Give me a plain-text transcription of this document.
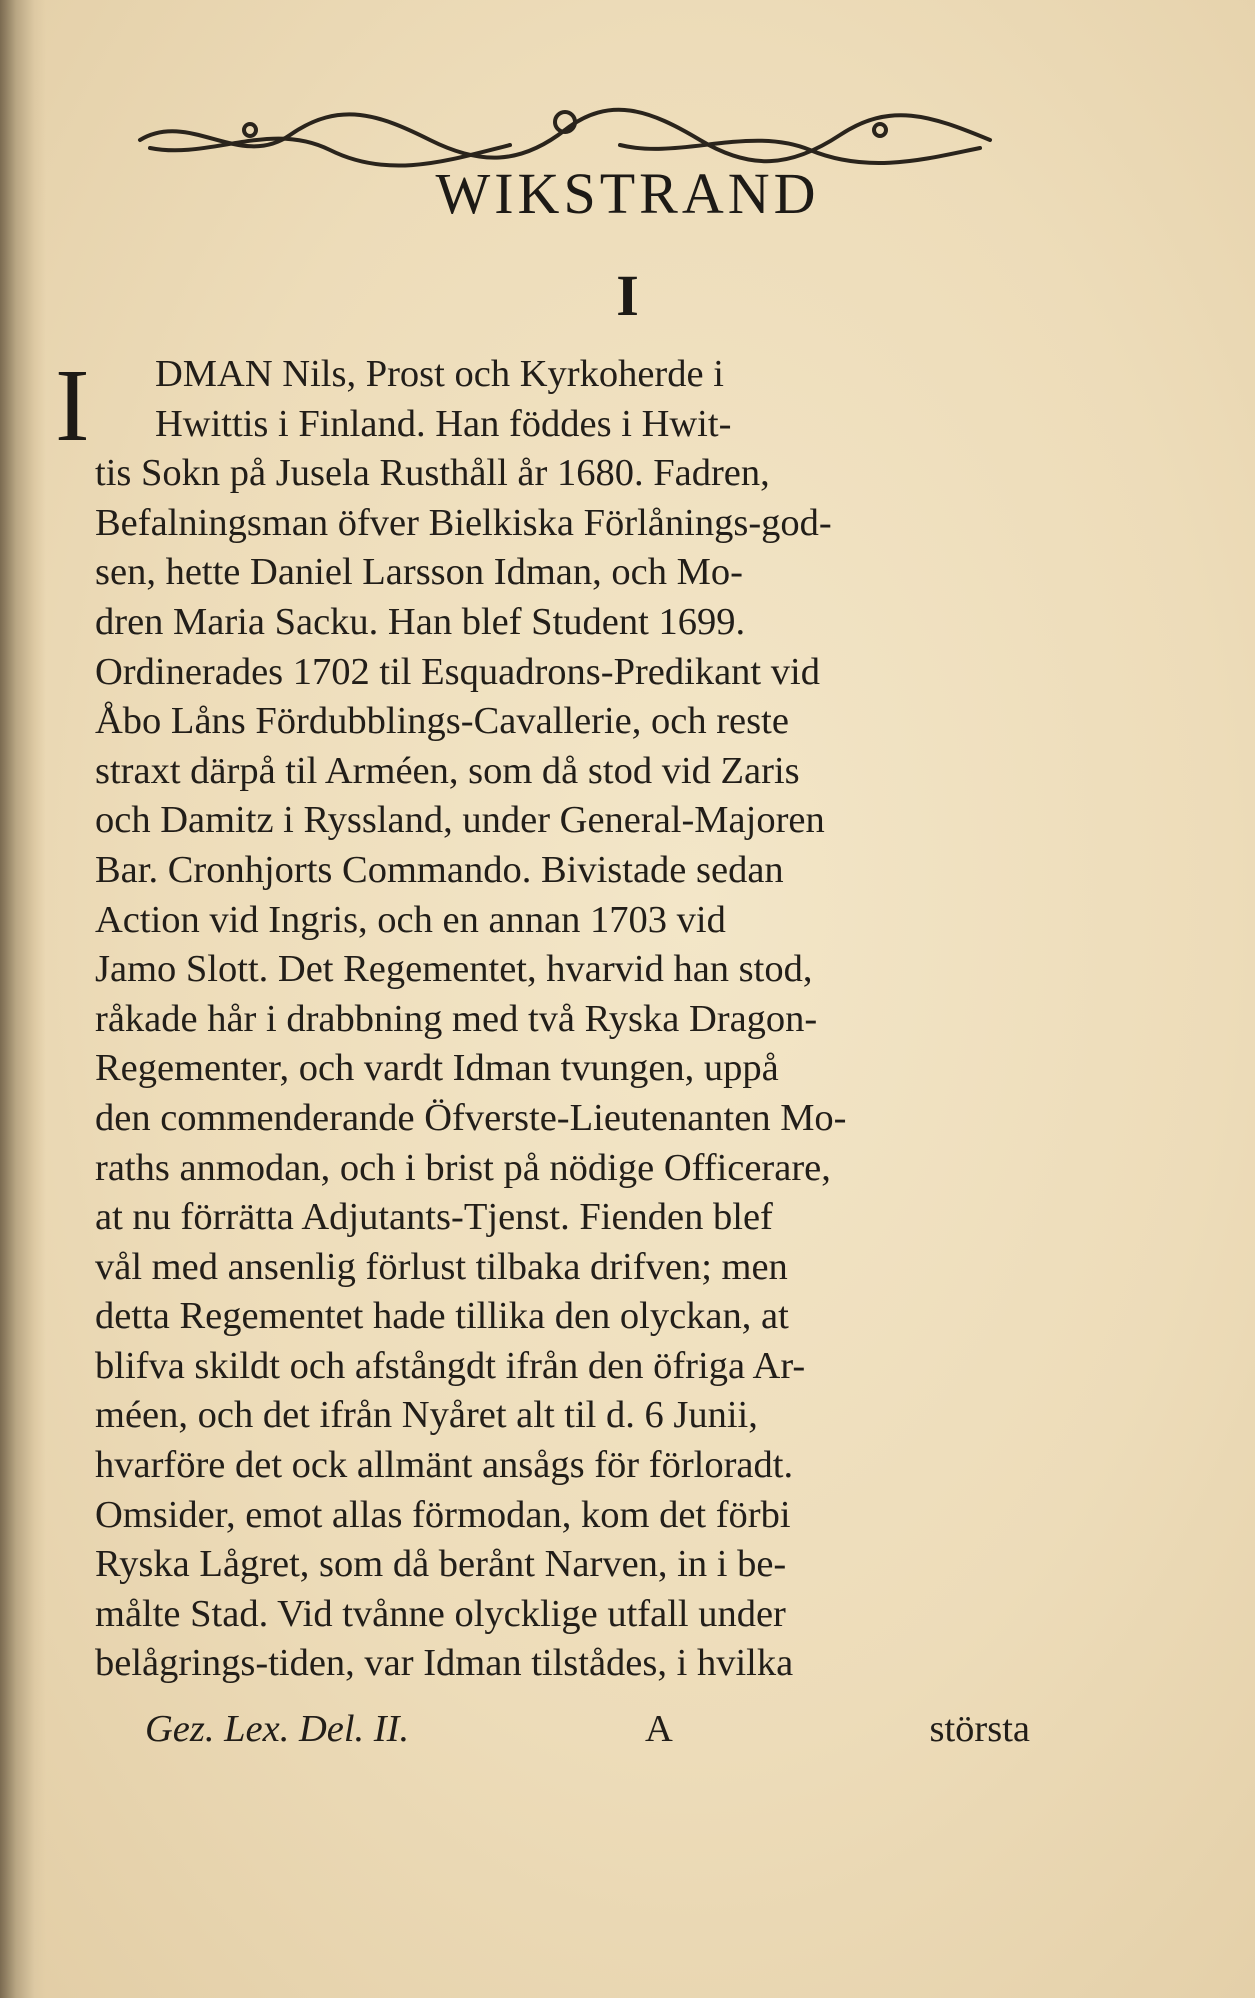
WIKSTRAND
I
I	DMAN Nils, Prost och Kyrkoherde i
Hwittis i Finland. Han föddes i Hwit-
tis Sokn på Jusela Rusthåll år 1680. Fadren,
Befalningsman öfver Bielkiska Förlånings-god-
sen, hette Daniel Larsson Idman, och Mo-
dren Maria Sacku. Han blef Student 1699.
Ordinerades 1702 til Esquadrons-Predikant vid
Åbo Låns Fördubblings-Cavallerie, och reste
straxt därpå til Arméen, som då stod vid Zaris
och Damitz i Ryssland, under General-Majoren
Bar. Cronhjorts Commando. Bivistade sedan
Action vid Ingris, och en annan 1703 vid
Jamo Slott. Det Regementet, hvarvid han stod,
råkade hår i drabbning med två Ryska Dragon-
Regementer, och vardt Idman tvungen, uppå
den commenderande Öfverste-Lieutenanten Mo-
raths anmodan, och i brist på nödige Officerare,
at nu förrätta Adjutants-Tjenst. Fienden blef
vål med ansenlig förlust tilbaka drifven; men
detta Regementet hade tillika den olyckan, at
blifva skildt och afstångdt ifrån den öfriga Ar-
méen, och det ifrån Nyåret alt til d. 6 Junii,
hvarföre det ock allmänt ansågs för förloradt.
Omsider, emot allas förmodan, kom det förbi
Ryska Lågret, som då berånt Narven, in i be-
målte Stad. Vid tvånne olycklige utfall under
belågrings-tiden, var Idman tilstådes, i hvilka
Gez. Lex. Del. II.	A	största
